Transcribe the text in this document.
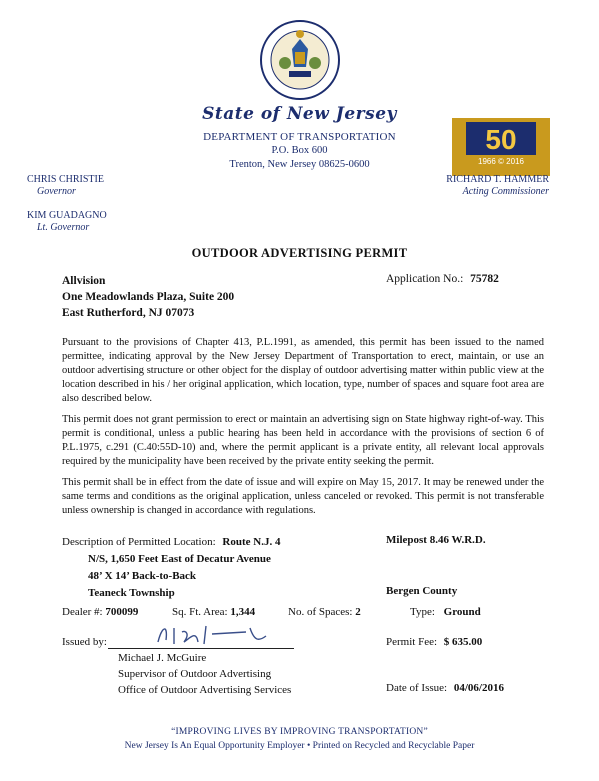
State of New Jersey
DEPARTMENT OF TRANSPORTATION
P.O. Box 600
Trenton, New Jersey 08625-0600
50
1966 © 2016
CHRIS CHRISTIE
Governor
KIM GUADAGNO
Lt. Governor
RICHARD T. HAMMER
Acting Commissioner
OUTDOOR ADVERTISING PERMIT
Allvision
One Meadowlands Plaza, Suite 200
East Rutherford, NJ 07073
Application No.: 75782
Pursuant to the provisions of Chapter 413, P.L.1991, as amended, this permit has been issued to the named permittee, indicating approval by the New Jersey Department of Transportation to erect, maintain, or use an outdoor advertising structure or other object for the display of outdoor advertising matter within public view at the location described in his / her original application, which location, type, number of spaces and square foot area are also described below.
This permit does not grant permission to erect or maintain an advertising sign on State highway right-of-way. This permit is conditional, unless a public hearing has been held in accordance with the provisions of section 6 of P.L.1975, c.291 (C.40:55D-10) and, where the permit applicant is a private entity, all relevant local approvals required by the municipality have been received by the private entity seeking the permit.
This permit shall be in effect from the date of issue and will expire on May 15, 2017. It may be renewed under the same terms and conditions as the original application, unless canceled or revoked. This permit is not transferable unless ownership is changed in accordance with regulations.
Description of Permitted Location: Route N.J. 4
N/S, 1,650 Feet East of Decatur Avenue
48’ X 14’ Back-to-Back
Teaneck Township
Milepost 8.46 W.R.D.
Bergen County
Dealer #: 700099	Sq. Ft. Area: 1,344	No. of Spaces: 2	Type: Ground
Issued by:
Michael J. McGuire
Supervisor of Outdoor Advertising
Office of Outdoor Advertising Services
Permit Fee: $ 635.00
Date of Issue: 04/06/2016
“IMPROVING LIVES BY IMPROVING TRANSPORTATION”
New Jersey Is An Equal Opportunity Employer • Printed on Recycled and Recyclable Paper
